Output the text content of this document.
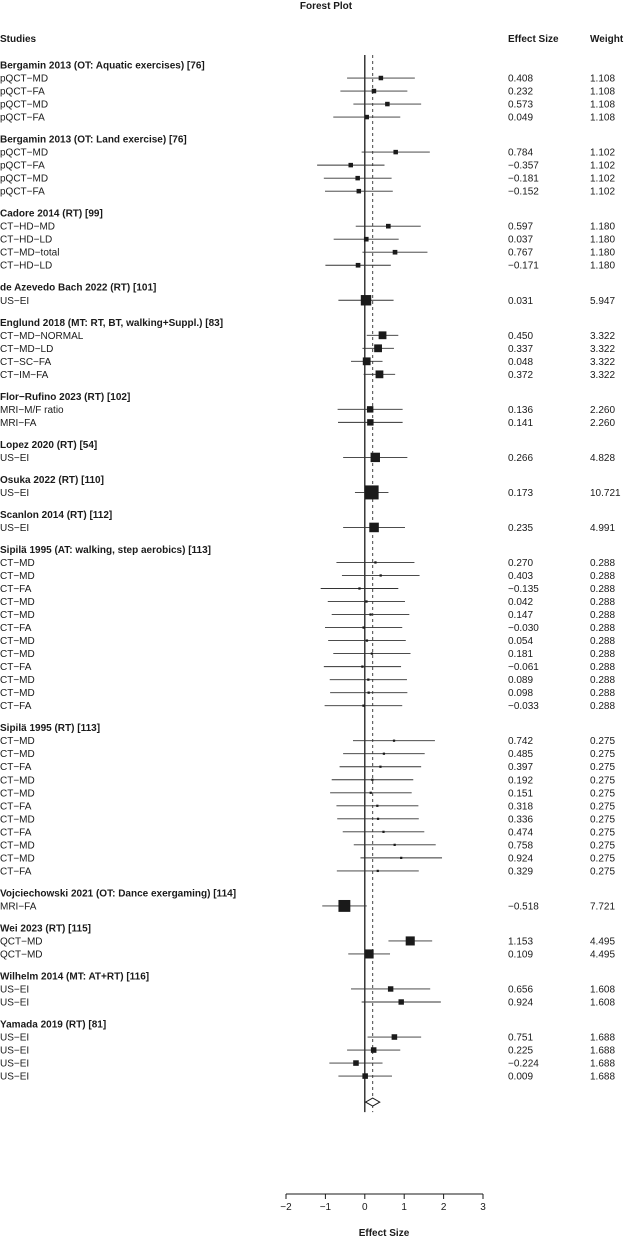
Forest Plot
Studies	Effect Size	Weight
Bergamin 2013 (OT: Aquatic exercises) [76]
pQCT−MD	0.408	1.108
pQCT−FA	0.232	1.108
pQCT−MD	0.573	1.108
pQCT−FA	0.049	1.108
Bergamin 2013 (OT: Land exercise) [76]
pQCT−MD	0.784	1.102
pQCT−FA	−0.357	1.102
pQCT−MD	−0.181	1.102
pQCT−FA	−0.152	1.102
Cadore 2014 (RT) [99]
CT−HD−MD	0.597	1.180
CT−HD−LD	0.037	1.180
CT−MD−total	0.767	1.180
CT−HD−LD	−0.171	1.180
de Azevedo Bach 2022 (RT) [101]
US−EI	0.031	5.947
Englund 2018 (MT: RT, BT, walking+Suppl.) [83]
CT−MD−NORMAL	0.450	3.322
CT−MD−LD	0.337	3.322
CT−SC−FA	0.048	3.322
CT−IM−FA	0.372	3.322
Flor−Rufino 2023 (RT) [102]
MRI−M/F ratio	0.136	2.260
MRI−FA	0.141	2.260
Lopez 2020 (RT) [54]
US−EI	0.266	4.828
Osuka 2022 (RT) [110]
US−EI	0.173	10.721
Scanlon 2014 (RT) [112]
US−EI	0.235	4.991
Sipilä 1995 (AT: walking, step aerobics) [113]
CT−MD	0.270	0.288
CT−MD	0.403	0.288
CT−FA	−0.135	0.288
CT−MD	0.042	0.288
CT−MD	0.147	0.288
CT−FA	−0.030	0.288
CT−MD	0.054	0.288
CT−MD	0.181	0.288
CT−FA	−0.061	0.288
CT−MD	0.089	0.288
CT−MD	0.098	0.288
CT−FA	−0.033	0.288
Sipilä 1995 (RT) [113]
CT−MD	0.742	0.275
CT−MD	0.485	0.275
CT−FA	0.397	0.275
CT−MD	0.192	0.275
CT−MD	0.151	0.275
CT−FA	0.318	0.275
CT−MD	0.336	0.275
CT−FA	0.474	0.275
CT−MD	0.758	0.275
CT−MD	0.924	0.275
CT−FA	0.329	0.275
Vojciechowski 2021 (OT: Dance exergaming) [114]
MRI−FA	−0.518	7.721
Wei 2023 (RT) [115]
QCT−MD	1.153	4.495
QCT−MD	0.109	4.495
Wilhelm 2014 (MT: AT+RT) [116]
US−EI	0.656	1.608
US−EI	0.924	1.608
Yamada 2019 (RT) [81]
US−EI	0.751	1.688
US−EI	0.225	1.688
US−EI	−0.224	1.688
US−EI	0.009	1.688
−2	−1	0	1	2	3
Effect Size
